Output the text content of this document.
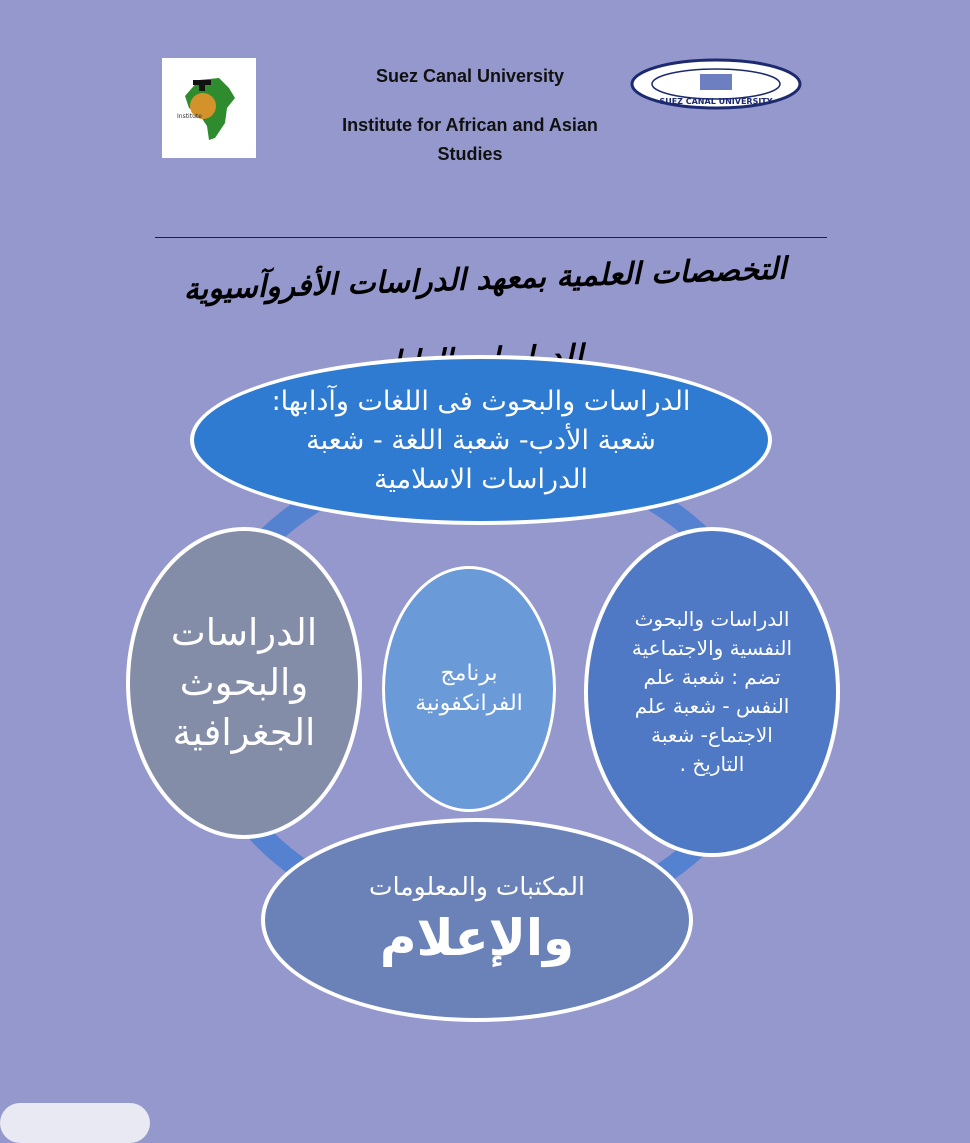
Institute
Suez Canal University
Institute for African and Asian
Studies
SUEZ CANAL UNIVERSITY
التخصصات العلمية بمعهد الدراسات الأفروآسيوية
الدراسات والبحوث فى اللغات وآدابها: شعبة الأدب- شعبة اللغة - شعبة الدراسات الاسلامية
الدراسات والبحوث النفسية والاجتماعية تضم : شعبة علم النفس - شعبة علم الاجتماع- شعبة التاريخ .
الدراسات والبحوث الجغرافية
برنامج الفرانكفونية
المكتبات والمعلومات
والإعلام
